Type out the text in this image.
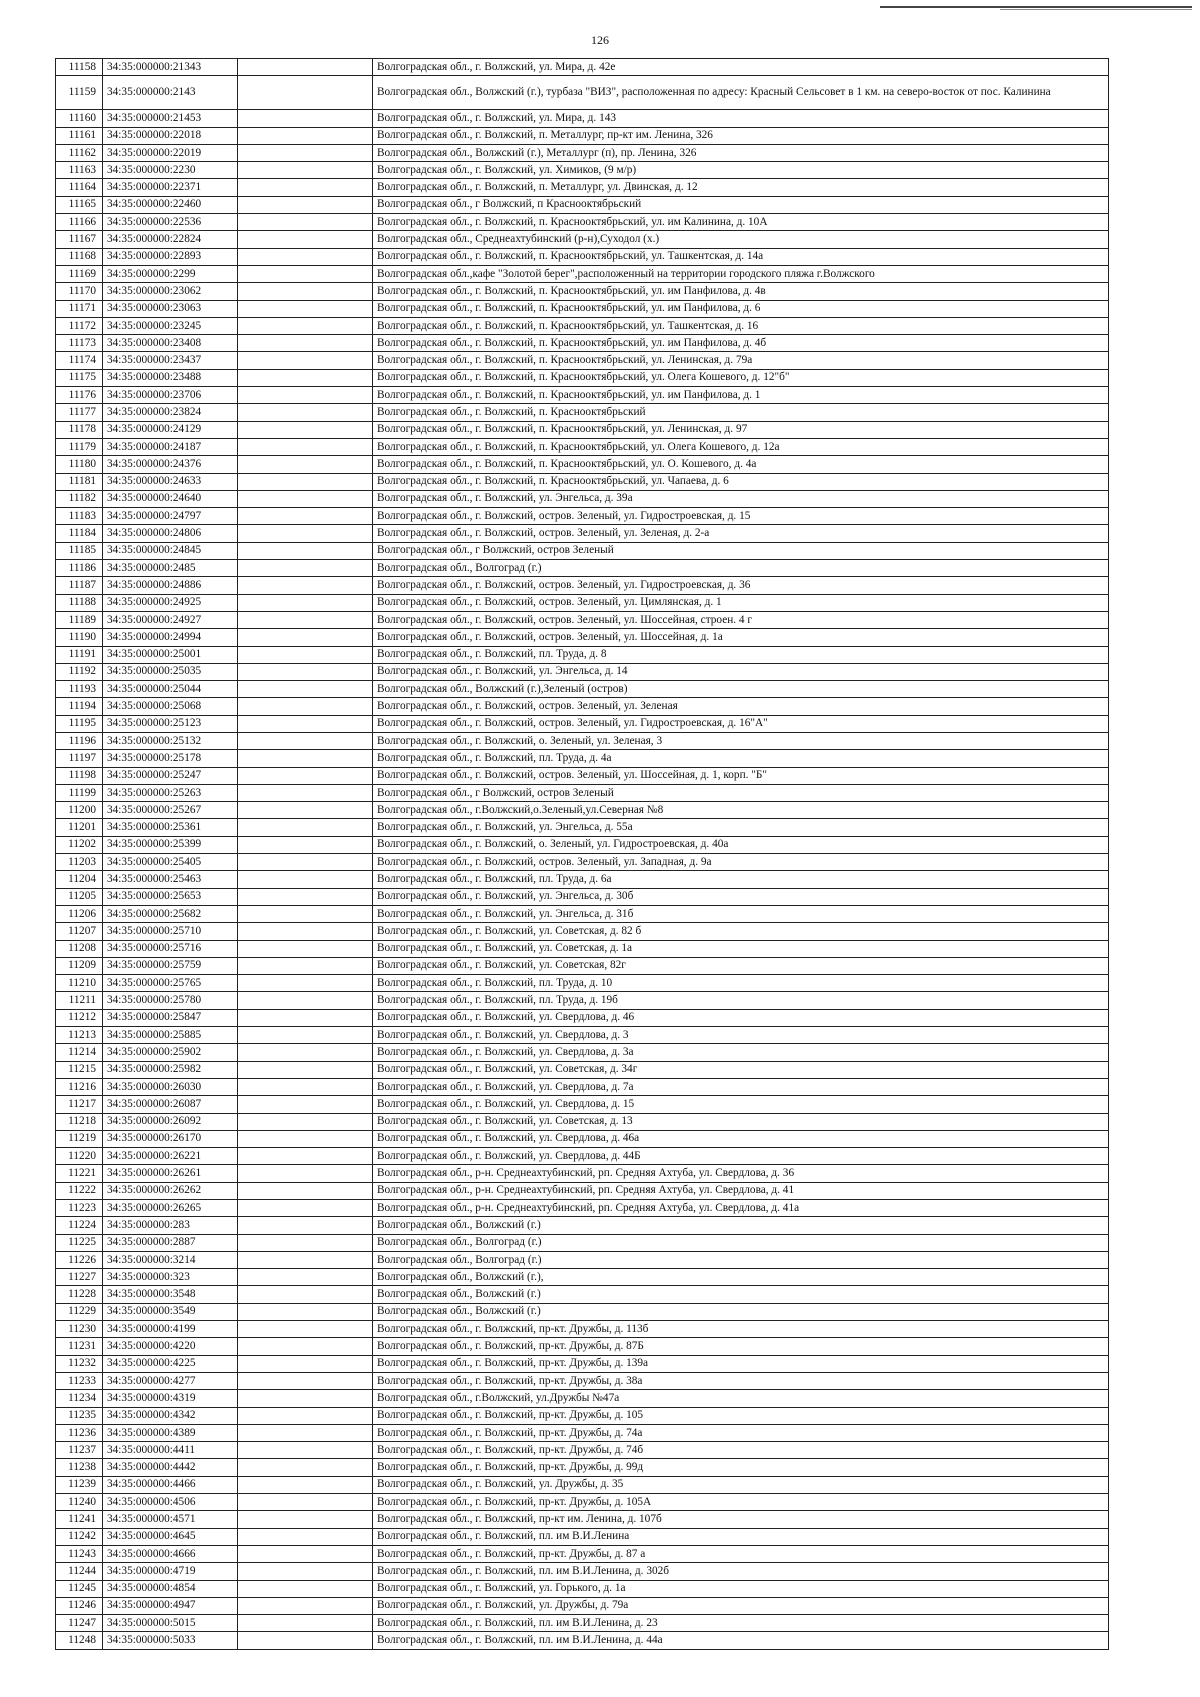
126
11158	34:35:000000:21343		Волгоградская обл., г. Волжский, ул. Мира, д. 42е
11159	34:35:000000:2143		Волгоградская обл., Волжский (г.), турбаза "ВИЗ", расположенная по адресу: Красный Сельсовет в 1 км. на северо-восток от пос. Калинина
11160	34:35:000000:21453		Волгоградская обл., г. Волжский, ул. Мира, д. 143
11161	34:35:000000:22018		Волгоградская обл., г. Волжский, п. Металлург, пр-кт им. Ленина, 326
11162	34:35:000000:22019		Волгоградская обл., Волжский (г.), Металлург (п), пр. Ленина, 326
11163	34:35:000000:2230		Волгоградская обл., г. Волжский, ул. Химиков, (9 м/р)
11164	34:35:000000:22371		Волгоградская обл., г. Волжский, п. Металлург, ул. Двинская, д. 12
11165	34:35:000000:22460		Волгоградская обл., г Волжский, п Краснооктябрьский
11166	34:35:000000:22536		Волгоградская обл., г. Волжский, п. Краснооктябрьский, ул. им Калинина, д. 10А
11167	34:35:000000:22824		Волгоградская обл., Среднеахтубинский (р-н),Суходол (х.)
11168	34:35:000000:22893		Волгоградская обл., г. Волжский, п. Краснооктябрьский, ул. Ташкентская, д. 14а
11169	34:35:000000:2299		Волгоградская обл.,кафе "Золотой берег",расположенный на территории городского пляжа г.Волжского
11170	34:35:000000:23062		Волгоградская обл., г. Волжский, п. Краснооктябрьский, ул. им Панфилова, д. 4в
11171	34:35:000000:23063		Волгоградская обл., г. Волжский, п. Краснооктябрьский, ул. им Панфилова, д. 6
11172	34:35:000000:23245		Волгоградская обл., г. Волжский, п. Краснооктябрьский, ул. Ташкентская, д. 16
11173	34:35:000000:23408		Волгоградская обл., г. Волжский, п. Краснооктябрьский, ул. им Панфилова, д. 4б
11174	34:35:000000:23437		Волгоградская обл., г. Волжский, п. Краснооктябрьский, ул. Ленинская, д. 79а
11175	34:35:000000:23488		Волгоградская обл., г. Волжский, п. Краснооктябрьский, ул. Олега Кошевого, д. 12"б"
11176	34:35:000000:23706		Волгоградская обл., г. Волжский, п. Краснооктябрьский, ул. им Панфилова, д. 1
11177	34:35:000000:23824		Волгоградская обл., г. Волжский, п. Краснооктябрьский
11178	34:35:000000:24129		Волгоградская обл., г. Волжский, п. Краснооктябрьский, ул. Ленинская, д. 97
11179	34:35:000000:24187		Волгоградская обл., г. Волжский, п. Краснооктябрьский, ул. Олега Кошевого, д. 12а
11180	34:35:000000:24376		Волгоградская обл., г. Волжский, п. Краснооктябрьский, ул. О. Кошевого, д. 4а
11181	34:35:000000:24633		Волгоградская обл., г. Волжский, п. Краснооктябрьский, ул. Чапаева, д. 6
11182	34:35:000000:24640		Волгоградская обл., г. Волжский, ул. Энгельса, д. 39а
11183	34:35:000000:24797		Волгоградская обл., г. Волжский, остров. Зеленый, ул. Гидростроевская, д. 15
11184	34:35:000000:24806		Волгоградская обл., г. Волжский, остров. Зеленый, ул. Зеленая, д. 2-а
11185	34:35:000000:24845		Волгоградская обл., г Волжский, остров Зеленый
11186	34:35:000000:2485		Волгоградская обл., Волгоград (г.)
11187	34:35:000000:24886		Волгоградская обл., г. Волжский, остров. Зеленый, ул. Гидростроевская, д. 36
11188	34:35:000000:24925		Волгоградская обл., г. Волжский, остров. Зеленый, ул. Цимлянская, д. 1
11189	34:35:000000:24927		Волгоградская обл., г. Волжский, остров. Зеленый, ул. Шоссейная, строен. 4 г
11190	34:35:000000:24994		Волгоградская обл., г. Волжский, остров. Зеленый, ул. Шоссейная, д. 1а
11191	34:35:000000:25001		Волгоградская обл., г. Волжский, пл. Труда, д. 8
11192	34:35:000000:25035		Волгоградская обл., г. Волжский, ул. Энгельса, д. 14
11193	34:35:000000:25044		Волгоградская обл., Волжский (г.),Зеленый (остров)
11194	34:35:000000:25068		Волгоградская обл., г. Волжский, остров. Зеленый, ул. Зеленая
11195	34:35:000000:25123		Волгоградская обл., г. Волжский, остров. Зеленый, ул. Гидростроевская, д. 16"А"
11196	34:35:000000:25132		Волгоградская обл., г. Волжский, о. Зеленый, ул. Зеленая, 3
11197	34:35:000000:25178		Волгоградская обл., г. Волжский, пл. Труда, д. 4а
11198	34:35:000000:25247		Волгоградская обл., г. Волжский, остров. Зеленый, ул. Шоссейная, д. 1, корп. "Б"
11199	34:35:000000:25263		Волгоградская обл., г Волжский, остров Зеленый
11200	34:35:000000:25267		Волгоградская обл., г.Волжский,о.Зеленый,ул.Северная №8
11201	34:35:000000:25361		Волгоградская обл., г. Волжский, ул. Энгельса, д. 55а
11202	34:35:000000:25399		Волгоградская обл., г. Волжский, о. Зеленый, ул. Гидростроевская, д. 40а
11203	34:35:000000:25405		Волгоградская обл., г. Волжский, остров. Зеленый, ул. Западная, д. 9а
11204	34:35:000000:25463		Волгоградская обл., г. Волжский, пл. Труда, д. 6а
11205	34:35:000000:25653		Волгоградская обл., г. Волжский, ул. Энгельса, д. 30б
11206	34:35:000000:25682		Волгоградская обл., г. Волжский, ул. Энгельса, д. 31б
11207	34:35:000000:25710		Волгоградская обл., г. Волжский, ул. Советская, д. 82 б
11208	34:35:000000:25716		Волгоградская обл., г. Волжский, ул. Советская, д. 1а
11209	34:35:000000:25759		Волгоградская обл., г. Волжский, ул. Советская, 82г
11210	34:35:000000:25765		Волгоградская обл., г. Волжский, пл. Труда, д. 10
11211	34:35:000000:25780		Волгоградская обл., г. Волжский, пл. Труда, д. 19б
11212	34:35:000000:25847		Волгоградская обл., г. Волжский, ул. Свердлова, д. 46
11213	34:35:000000:25885		Волгоградская обл., г. Волжский, ул. Свердлова, д. 3
11214	34:35:000000:25902		Волгоградская обл., г. Волжский, ул. Свердлова, д. 3а
11215	34:35:000000:25982		Волгоградская обл., г. Волжский, ул. Советская, д. 34г
11216	34:35:000000:26030		Волгоградская обл., г. Волжский, ул. Свердлова, д. 7а
11217	34:35:000000:26087		Волгоградская обл., г. Волжский, ул. Свердлова, д. 15
11218	34:35:000000:26092		Волгоградская обл., г. Волжский, ул. Советская, д. 13
11219	34:35:000000:26170		Волгоградская обл., г. Волжский, ул. Свердлова, д. 46а
11220	34:35:000000:26221		Волгоградская обл., г. Волжский, ул. Свердлова, д. 44Б
11221	34:35:000000:26261		Волгоградская обл., р-н. Среднеахтубинский, рп. Средняя Ахтуба, ул. Свердлова, д. 36
11222	34:35:000000:26262		Волгоградская обл., р-н. Среднеахтубинский, рп. Средняя Ахтуба, ул. Свердлова, д. 41
11223	34:35:000000:26265		Волгоградская обл., р-н. Среднеахтубинский, рп. Средняя Ахтуба, ул. Свердлова, д. 41а
11224	34:35:000000:283		Волгоградская обл., Волжский (г.)
11225	34:35:000000:2887		Волгоградская обл., Волгоград (г.)
11226	34:35:000000:3214		Волгоградская обл., Волгоград (г.)
11227	34:35:000000:323		Волгоградская обл., Волжский (г.),
11228	34:35:000000:3548		Волгоградская обл., Волжский (г.)
11229	34:35:000000:3549		Волгоградская обл., Волжский (г.)
11230	34:35:000000:4199		Волгоградская обл., г. Волжский, пр-кт. Дружбы, д. 113б
11231	34:35:000000:4220		Волгоградская обл., г. Волжский, пр-кт. Дружбы, д. 87Б
11232	34:35:000000:4225		Волгоградская обл., г. Волжский, пр-кт. Дружбы, д. 139а
11233	34:35:000000:4277		Волгоградская обл., г. Волжский, пр-кт. Дружбы, д. 38а
11234	34:35:000000:4319		Волгоградская обл., г.Волжский, ул.Дружбы №47а
11235	34:35:000000:4342		Волгоградская обл., г. Волжский, пр-кт. Дружбы, д. 105
11236	34:35:000000:4389		Волгоградская обл., г. Волжский, пр-кт. Дружбы, д. 74а
11237	34:35:000000:4411		Волгоградская обл., г. Волжский, пр-кт. Дружбы, д. 74б
11238	34:35:000000:4442		Волгоградская обл., г. Волжский, пр-кт. Дружбы, д. 99д
11239	34:35:000000:4466		Волгоградская обл., г. Волжский, ул. Дружбы, д. 35
11240	34:35:000000:4506		Волгоградская обл., г. Волжский, пр-кт. Дружбы, д. 105А
11241	34:35:000000:4571		Волгоградская обл., г. Волжский, пр-кт им. Ленина, д. 107б
11242	34:35:000000:4645		Волгоградская обл., г. Волжский, пл. им В.И.Ленина
11243	34:35:000000:4666		Волгоградская обл., г. Волжский, пр-кт. Дружбы, д. 87 а
11244	34:35:000000:4719		Волгоградская обл., г. Волжский, пл. им В.И.Ленина, д. 302б
11245	34:35:000000:4854		Волгоградская обл., г. Волжский, ул. Горького, д. 1а
11246	34:35:000000:4947		Волгоградская обл., г. Волжский, ул. Дружбы, д. 79а
11247	34:35:000000:5015		Волгоградская обл., г. Волжский, пл. им В.И.Ленина, д. 23
11248	34:35:000000:5033		Волгоградская обл., г. Волжский, пл. им В.И.Ленина, д. 44а
